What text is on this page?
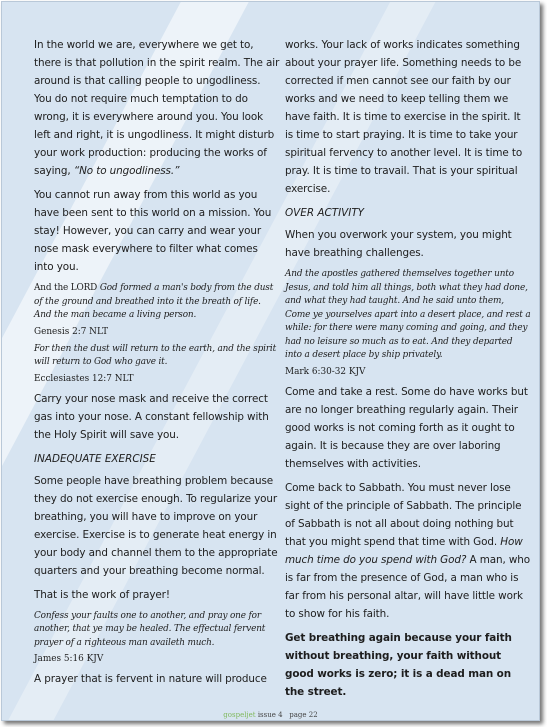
In the world we are, everywhere we get to, there is that pollution in the spirit realm. The air around is that calling people to ungodliness. You do not require much temptation to do wrong, it is everywhere around you. You look left and right, it is ungodliness. It might disturb your work production: producing the works of saying, “No to ungodliness.”

You cannot run away from this world as you have been sent to this world on a mission. You stay! However, you can carry and wear your nose mask everywhere to filter what comes into you.

And the LORD God formed a man's body from the dust of the ground and breathed into it the breath of life. And the man became a living person.

Genesis 2:7 NLT

For then the dust will return to the earth, and the spirit will return to God who gave it.

Ecclesiastes 12:7 NLT

Carry your nose mask and receive the correct gas into your nose. A constant fellowship with the Holy Spirit will save you.

INADEQUATE EXERCISE

Some people have breathing problem because they do not exercise enough. To regularize your breathing, you will have to improve on your exercise. Exercise is to generate heat energy in your body and channel them to the appropriate quarters and your breathing become normal.

That is the work of prayer!

Confess your faults one to another, and pray one for another, that ye may be healed. The effectual fervent prayer of a righteous man availeth much.

James 5:16 KJV

A prayer that is fervent in nature will produce

works. Your lack of works indicates something about your prayer life. Something needs to be corrected if men cannot see our faith by our works and we need to keep telling them we have faith. It is time to exercise in the spirit. It is time to start praying. It is time to take your spiritual fervency to another level. It is time to pray. It is time to travail. That is your spiritual exercise.

OVER ACTIVITY

When you overwork your system, you might have breathing challenges.

And the apostles gathered themselves together unto Jesus, and told him all things, both what they had done, and what they had taught. And he said unto them, Come ye yourselves apart into a desert place, and rest a while: for there were many coming and going, and they had no leisure so much as to eat. And they departed into a desert place by ship privately.

Mark 6:30-32 KJV

Come and take a rest. Some do have works but are no longer breathing regularly again. Their good works is not coming forth as it ought to again. It is because they are over laboring themselves with activities.

Come back to Sabbath. You must never lose sight of the principle of Sabbath. The principle of Sabbath is not all about doing nothing but that you might spend that time with God. How much time do you spend with God? A man, who is far from the presence of God, a man who is far from his personal altar, will have little work to show for his faith.

Get breathing again because your faith without breathing, your faith without good works is zero; it is a dead man on the street.

gospeljet issue 4 page 22
